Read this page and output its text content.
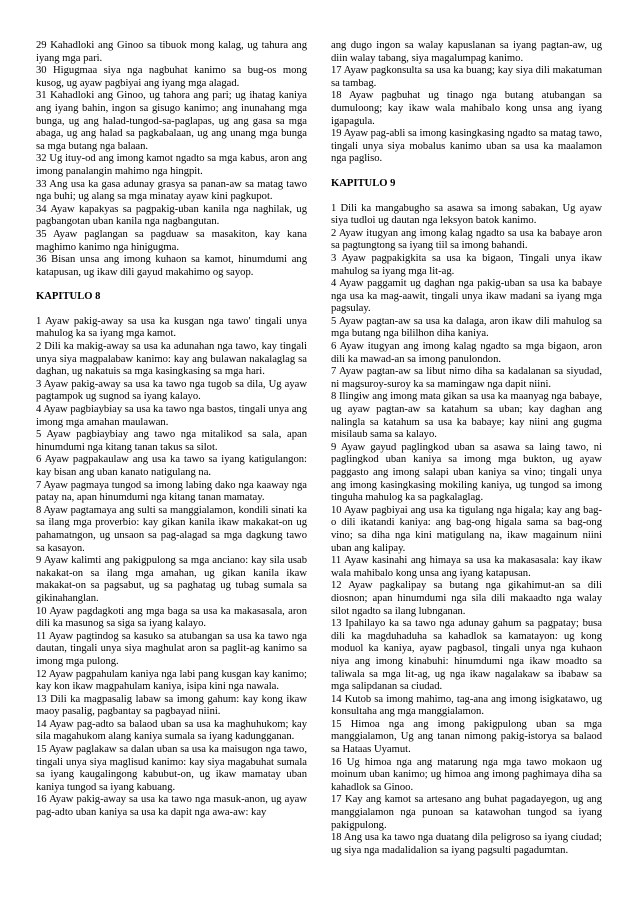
29 Kahadloki ang Ginoo sa tibuok mong kalag, ug tahura ang iyang mga pari.

30 Higugmaa siya nga nagbuhat kanimo sa bug-os mong kusog, ug ayaw pagbiyai ang iyang mga alagad.

31 Kahadloki ang Ginoo, ug tahora ang pari; ug ihatag kaniya ang iyang bahin, ingon sa gisugo kanimo; ang inunahang mga bunga, ug ang halad-tungod-sa-paglapas, ug ang gasa sa mga abaga, ug ang halad sa pagkabalaan, ug ang unang mga bunga sa mga butang nga balaan.

32 Ug ituy-od ang imong kamot ngadto sa mga kabus, aron ang imong panalangin mahimo nga hingpit.

33 Ang usa ka gasa adunay grasya sa panan-aw sa matag tawo nga buhi; ug alang sa mga minatay ayaw kini pagkupot.

34 Ayaw kapakyas sa pagpakig-uban kanila nga naghilak, ug pagbangotan uban kanila nga nagbangutan.

35 Ayaw paglangan sa pagduaw sa masakiton, kay kana maghimo kanimo nga hinigugma.

36 Bisan unsa ang imong kuhaon sa kamot, hinumdumi ang katapusan, ug ikaw dili gayud makahimo og sayop.

KAPITULO 8

1 Ayaw pakig-away sa usa ka kusgan nga tawo' tingali unya mahulog ka sa iyang mga kamot.

2 Dili ka makig-away sa usa ka adunahan nga tawo, kay tingali unya siya magpalabaw kanimo: kay ang bulawan nakalaglag sa daghan, ug nakatuis sa mga kasingkasing sa mga hari.

3 Ayaw pakig-away sa usa ka tawo nga tugob sa dila, Ug ayaw pagtampok ug sugnod sa iyang kalayo.

4 Ayaw pagbiaybiay sa usa ka tawo nga bastos, tingali unya ang imong mga amahan maulawan.

5 Ayaw pagbiaybiay ang tawo nga mitalikod sa sala, apan hinumdumi nga kitang tanan takus sa silot.

6 Ayaw pagpakaulaw ang usa ka tawo sa iyang katigulangon: kay bisan ang uban kanato natigulang na.

7 Ayaw pagmaya tungod sa imong labing dako nga kaaway nga patay na, apan hinumdumi nga kitang tanan mamatay.

8 Ayaw pagtamaya ang sulti sa manggialamon, kondili sinati ka sa ilang mga proverbio: kay gikan kanila ikaw makakat-on ug pahamatngon, ug unsaon sa pag-alagad sa mga dagkung tawo sa kasayon.

9 Ayaw kalimti ang pakigpulong sa mga anciano: kay sila usab nakakat-on sa ilang mga amahan, ug gikan kanila ikaw makakat-on sa pagsabut, ug sa paghatag ug tubag sumala sa gikinahanglan.

10 Ayaw pagdagkoti ang mga baga sa usa ka makasasala, aron dili ka masunog sa siga sa iyang kalayo.

11 Ayaw pagtindog sa kasuko sa atubangan sa usa ka tawo nga dautan, tingali unya siya maghulat aron sa paglit-ag kanimo sa imong mga pulong.

12 Ayaw pagpahulam kaniya nga labi pang kusgan kay kanimo; kay kon ikaw magpahulam kaniya, isipa kini nga nawala.

13 Dili ka magpasalig labaw sa imong gahum: kay kong ikaw maoy pasalig, pagbantay sa pagbayad niini.

14 Ayaw pag-adto sa balaod uban sa usa ka maghuhukom; kay sila magahukom alang kaniya sumala sa iyang kadungganan.

15 Ayaw paglakaw sa dalan uban sa usa ka maisugon nga tawo, tingali unya siya maglisud kanimo: kay siya magabuhat sumala sa iyang kaugalingong kabubut-on, ug ikaw mamatay uban kaniya tungod sa iyang kabuang.

16 Ayaw pakig-away sa usa ka tawo nga masuk-anon, ug ayaw pag-adto uban kaniya sa usa ka dapit nga awa-aw: kay

ang dugo ingon sa walay kapuslanan sa iyang pagtan-aw, ug diin walay tabang, siya magalumpag kanimo.

17 Ayaw pagkonsulta sa usa ka buang; kay siya dili makatuman sa tambag.

18 Ayaw pagbuhat ug tinago nga butang atubangan sa dumuloong; kay ikaw wala mahibalo kong unsa ang iyang igapagula.

19 Ayaw pag-abli sa imong kasingkasing ngadto sa matag tawo, tingali unya siya mobalus kanimo uban sa usa ka maalamon nga pagliso.

KAPITULO 9

1 Dili ka mangabugho sa asawa sa imong sabakan, Ug ayaw siya tudloi ug dautan nga leksyon batok kanimo.

2 Ayaw itugyan ang imong kalag ngadto sa usa ka babaye aron sa pagtungtong sa iyang tiil sa imong bahandi.

3 Ayaw pagpakigkita sa usa ka bigaon, Tingali unya ikaw mahulog sa iyang mga lit-ag.

4 Ayaw paggamit ug daghan nga pakig-uban sa usa ka babaye nga usa ka mag-aawit, tingali unya ikaw madani sa iyang mga pagsulay.

5 Ayaw pagtan-aw sa usa ka dalaga, aron ikaw dili mahulog sa mga butang nga bililhon diha kaniya.

6 Ayaw itugyan ang imong kalag ngadto sa mga bigaon, aron dili ka mawad-an sa imong panulondon.

7 Ayaw pagtan-aw sa libut nimo diha sa kadalanan sa siyudad, ni magsuroy-suroy ka sa mamingaw nga dapit niini.

8 Ilingiw ang imong mata gikan sa usa ka maanyag nga babaye, ug ayaw pagtan-aw sa katahum sa uban; kay daghan ang nalingla sa katahum sa usa ka babaye; kay niini ang gugma misilaub sama sa kalayo.

9 Ayaw gayud paglingkod uban sa asawa sa laing tawo, ni paglingkod uban kaniya sa imong mga bukton, ug ayaw paggasto ang imong salapi uban kaniya sa vino; tingali unya ang imong kasingkasing mokiling kaniya, ug tungod sa imong tinguha mahulog ka sa pagkalaglag.

10 Ayaw pagbiyai ang usa ka tigulang nga higala; kay ang bag-o dili ikatandi kaniya: ang bag-ong higala sama sa bag-ong vino; sa diha nga kini matigulang na, ikaw magainum niini uban ang kalipay.

11 Ayaw kasinahi ang himaya sa usa ka makasasala: kay ikaw wala mahibalo kong unsa ang iyang katapusan.

12 Ayaw pagkalipay sa butang nga gikahimut-an sa dili diosnon; apan hinumdumi nga sila dili makaadto nga walay silot ngadto sa ilang lubnganan.

13 Ipahilayo ka sa tawo nga adunay gahum sa pagpatay; busa dili ka magduhaduha sa kahadlok sa kamatayon: ug kong moduol ka kaniya, ayaw pagbasol, tingali unya nga kuhaon niya ang imong kinabuhi: hinumdumi nga ikaw moadto sa taliwala sa mga lit-ag, ug nga ikaw nagalakaw sa ibabaw sa mga salipdanan sa ciudad.

14 Kutob sa imong mahimo, tag-ana ang imong isigkatawo, ug konsultaha ang mga manggialamon.

15 Himoa nga ang imong pakigpulong uban sa mga manggialamon, Ug ang tanan nimong pakig-istorya sa balaod sa Hataas Uyamut.

16 Ug himoa nga ang matarung nga mga tawo mokaon ug moinum uban kanimo; ug himoa ang imong paghimaya diha sa kahadlok sa Ginoo.

17 Kay ang kamot sa artesano ang buhat pagadayegon, ug ang manggialamon nga punoan sa katawohan tungod sa iyang pakigpulong.

18 Ang usa ka tawo nga duatang dila peligroso sa iyang ciudad; ug siya nga madalidalion sa iyang pagsulti pagadumtan.
